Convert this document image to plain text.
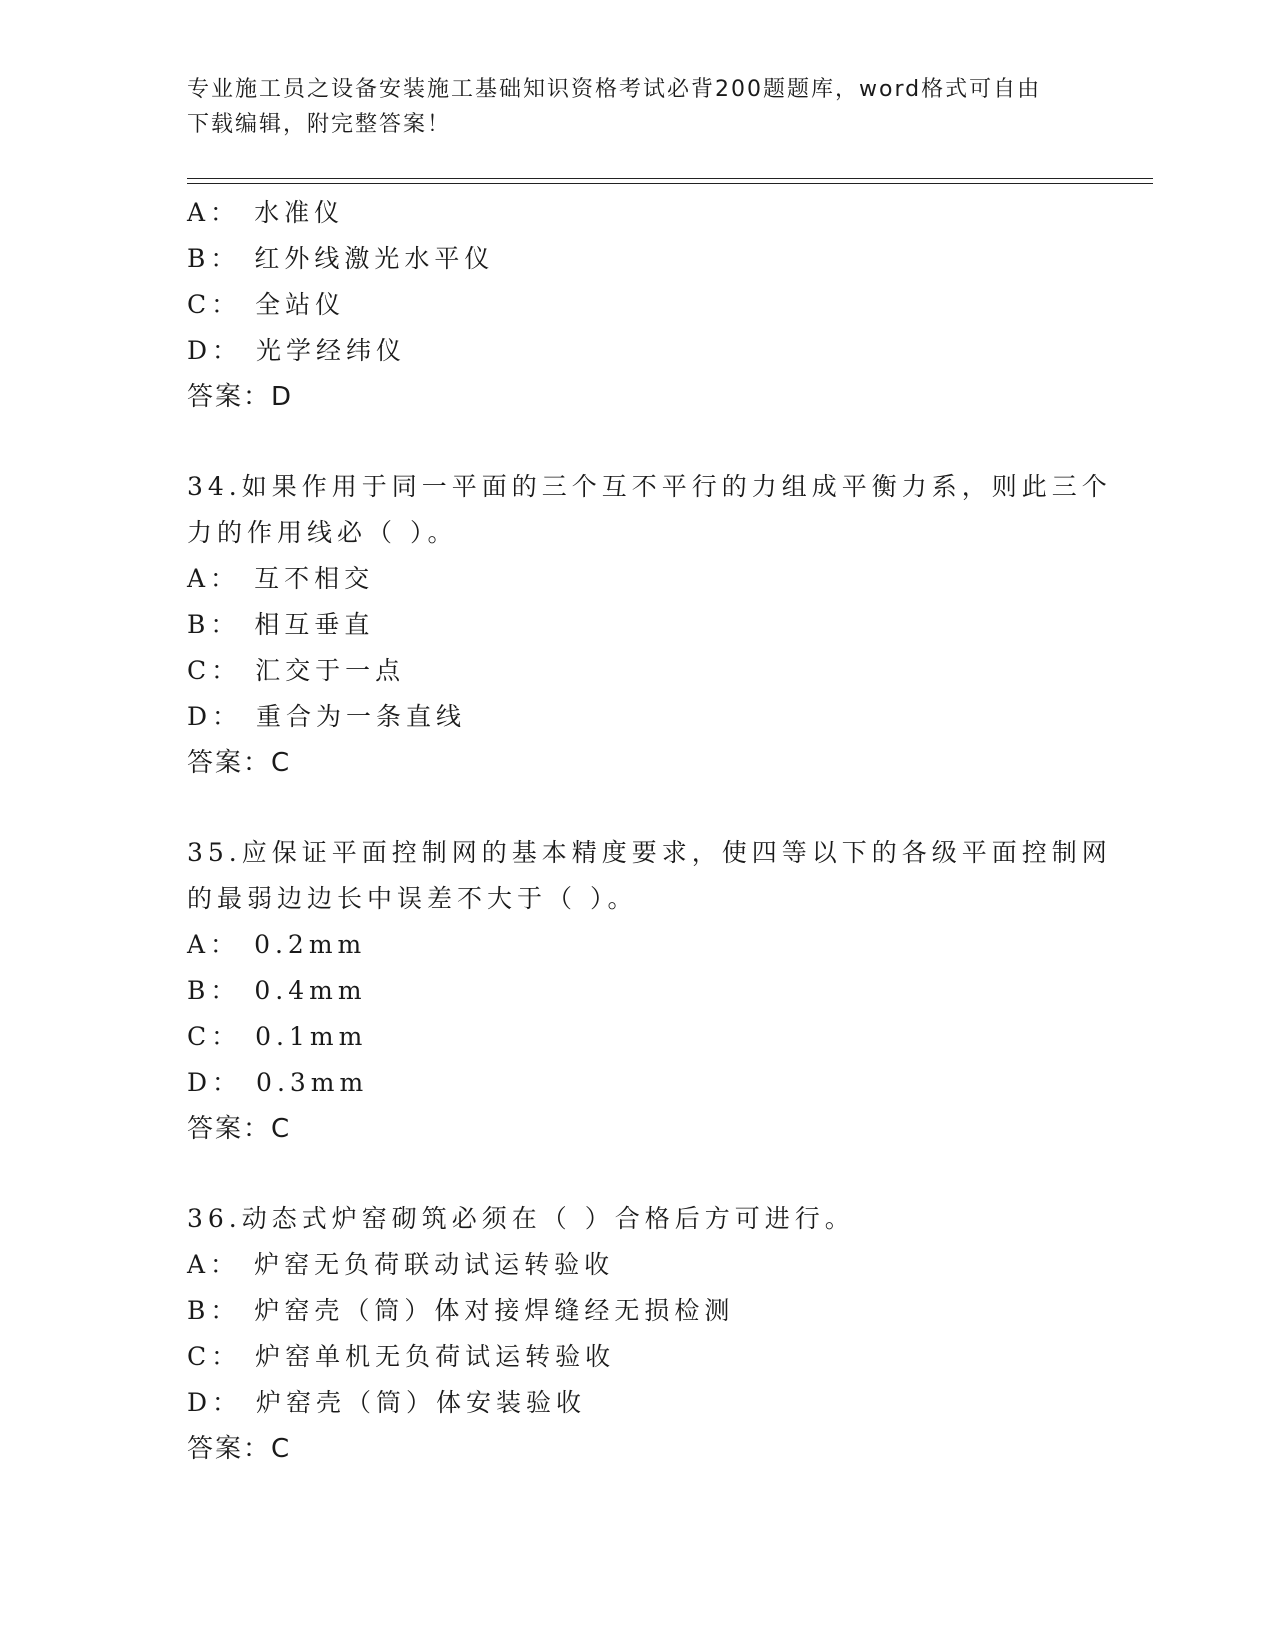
专业施工员之设备安装施工基础知识资格考试必背200题题库，word格式可自由
下载编辑，附完整答案！
A： 水准仪
B： 红外线激光水平仪
C： 全站仪
D： 光学经纬仪
答案：D
34.如果作用于同一平面的三个互不平行的力组成平衡力系，则此三个
力的作用线必（ ）。
A： 互不相交
B： 相互垂直
C： 汇交于一点
D： 重合为一条直线
答案：C
35.应保证平面控制网的基本精度要求，使四等以下的各级平面控制网
的最弱边边长中误差不大于（ ）。
A： 0.2mm
B： 0.4mm
C： 0.1mm
D： 0.3mm
答案：C
36.动态式炉窑砌筑必须在（ ）合格后方可进行。
A： 炉窑无负荷联动试运转验收
B： 炉窑壳（筒）体对接焊缝经无损检测
C： 炉窑单机无负荷试运转验收
D： 炉窑壳（筒）体安装验收
答案：C
